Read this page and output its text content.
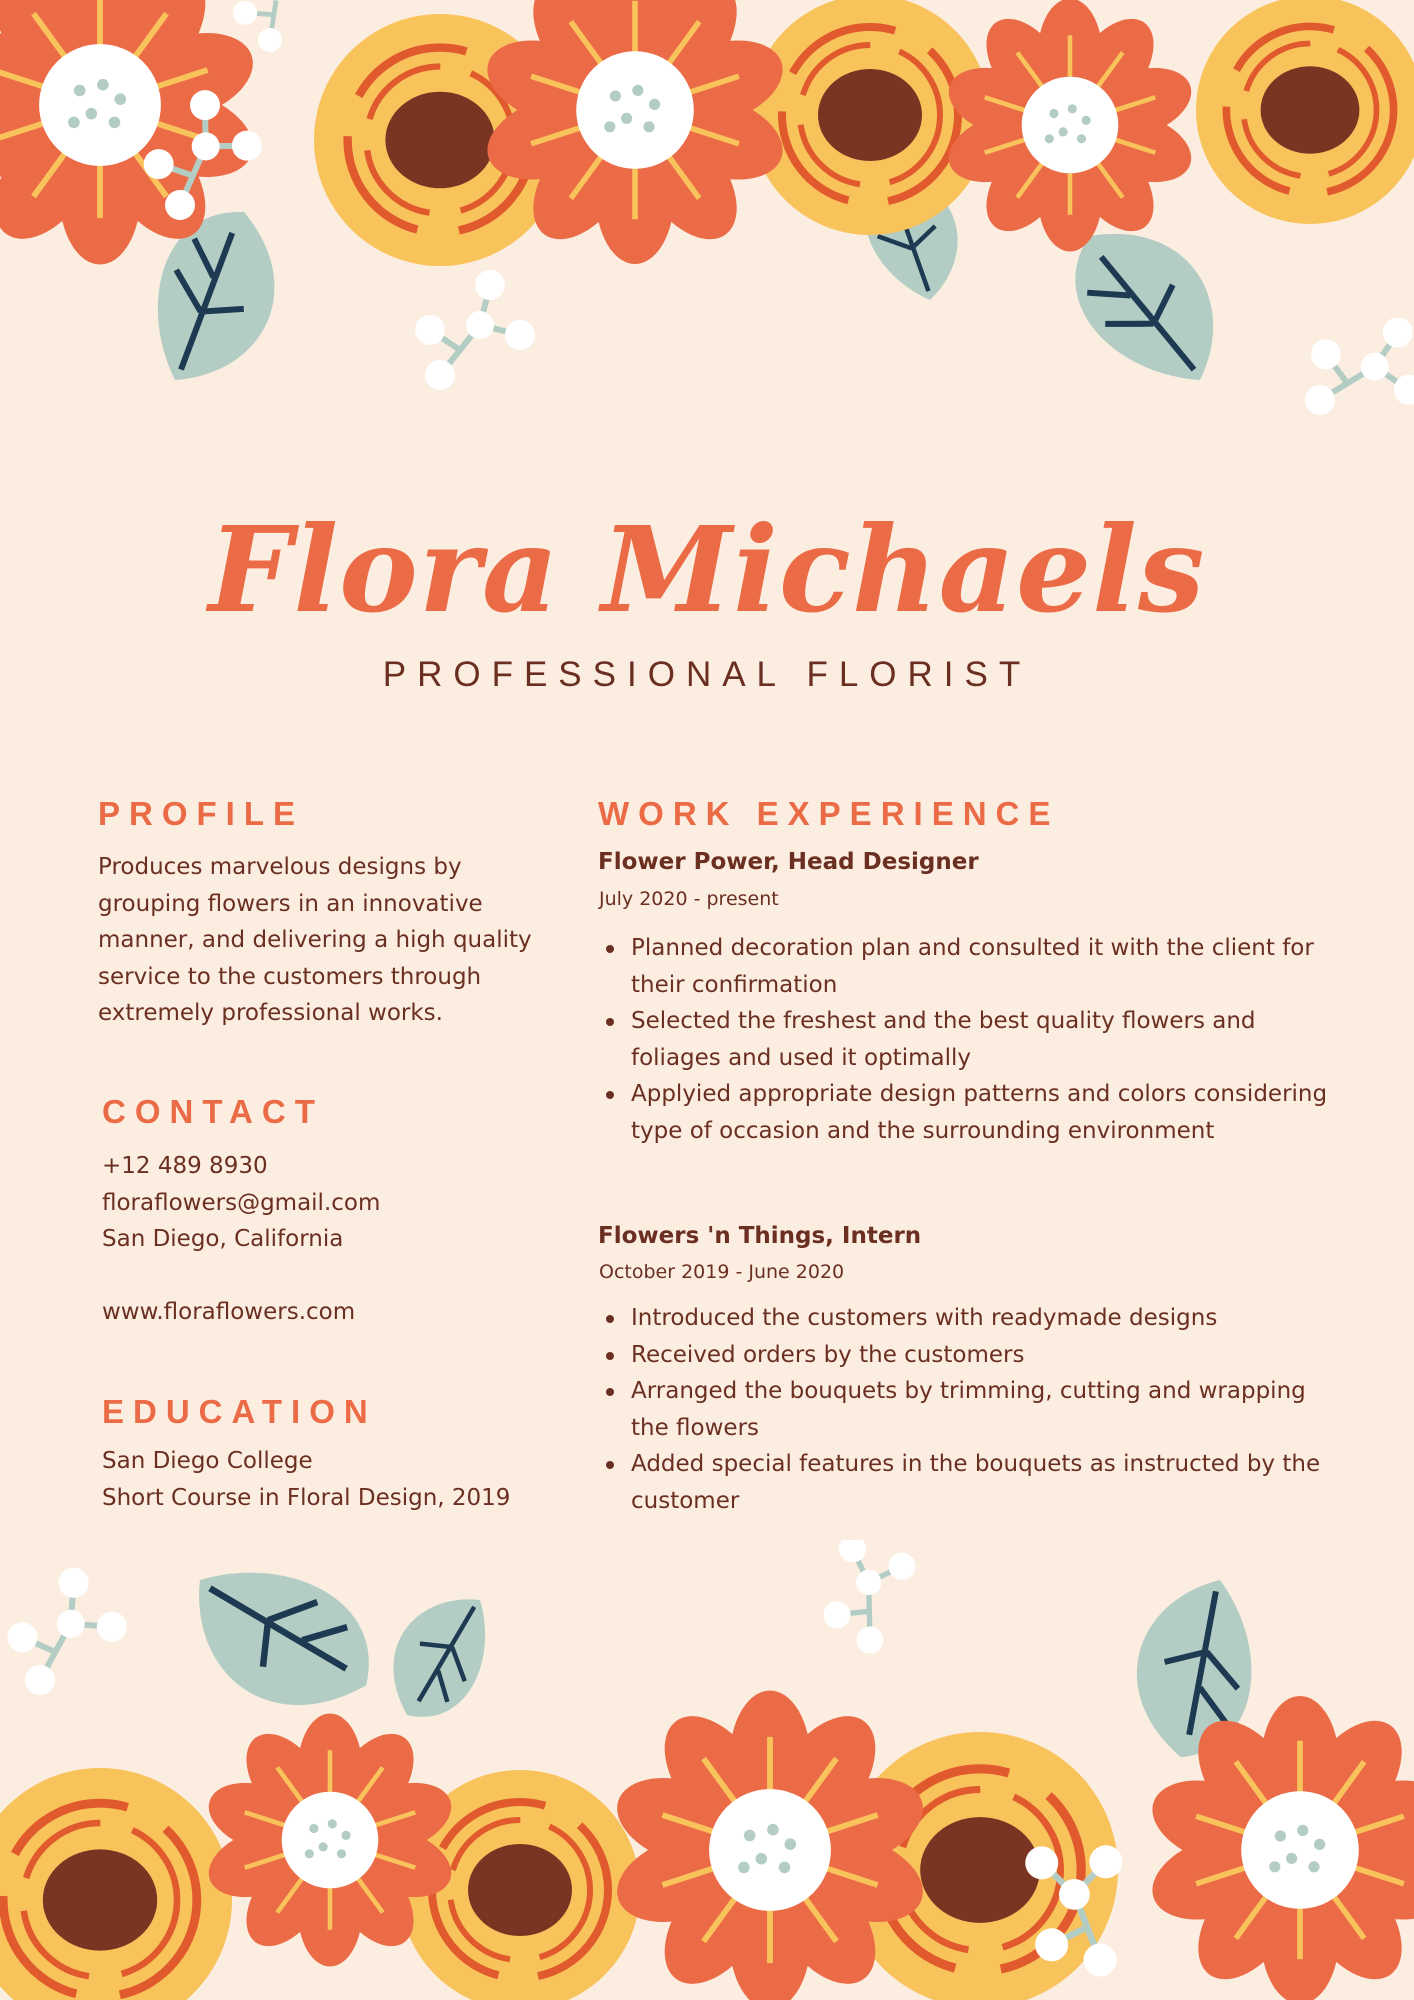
Flora Michaels
PROFESSIONAL FLORIST
PROFILE
Produces marvelous designs by
grouping flowers in an innovative
manner, and delivering a high quality
service to the customers through
extremely professional works.
CONTACT
+12 489 8930
floraflowers@gmail.com
San Diego, California
www.floraflowers.com
EDUCATION
San Diego College
Short Course in Floral Design, 2019
WORK EXPERIENCE
Flower Power, Head Designer
July 2020 - present
Planned decoration plan and consulted it with the client for their confirmation
Selected the freshest and the best quality flowers and foliages and used it optimally
Applyied appropriate design patterns and colors considering type of occasion and the surrounding environment
Flowers 'n Things, Intern
October 2019 - June 2020
Introduced the customers with readymade designs
Received orders by the customers
Arranged the bouquets by trimming, cutting and wrapping the flowers
Added special features in the bouquets as instructed by the customer
